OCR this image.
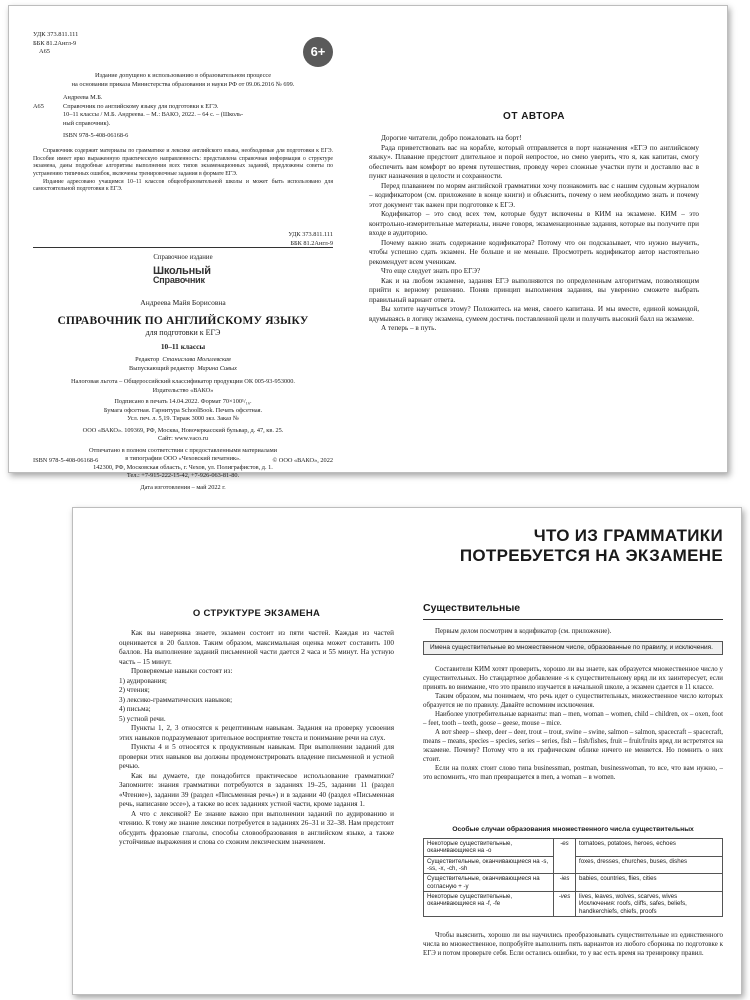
УДК 373.811.111
ББК 81.2Англ-9
А65	6+
Издание допущено к использованию в образовательном процессе
на основании приказа Министерства образования и науки РФ от 09.06.2016 № 699.
Андреева М.Б.
А65	Справочник по английскому языку для подготовки к ЕГЭ.
10–11 классы / М.Б. Андреева. – М.: ВАКО, 2022. – 64 с. – (Школь-
ный справочник).
ISBN 978-5-408-06168-6
Справочник содержит материалы по грамматике и лексике английского языка, необходимые для подготовки к ЕГЭ. Пособие имеет ярко выраженную практическую направленность: представлена справочная информация о структуре экзамена, даны подробные алгоритмы выполнения всех типов экзаменационных заданий, предложены советы по устранению типичных ошибок, включены тренировочные задания в формате ЕГЭ.
Издание адресовано учащимся 10–11 классов общеобразовательной школы и может быть использовано для самостоятельной подготовки к ЕГЭ.
УДК 373.811.111
ББК 81.2Англ-9
Справочное издание
Школьный
Справочник
Андреева Майя Борисовна
СПРАВОЧНИК ПО АНГЛИЙСКОМУ ЯЗЫКУ
для подготовки к ЕГЭ
10–11 классы
Редактор Станислава Могилевская
Выпускающий редактор Марина Сивых
Налоговая льгота – Общероссийский классификатор продукции ОК 005-93-953000.
Издательство «ВАКО»
Подписано в печать 14.04.2022. Формат 70×100¹/₁₆.
Бумага офсетная. Гарнитура SchoolBook. Печать офсетная.
Усл. печ. л. 5,19. Тираж 3000 экз. Заказ №
ООО «ВАКО». 109369, РФ, Москва, Новочеркасский бульвар, д. 47, кв. 25.
Сайт: www.vaco.ru
Отпечатано в полном соответствии с предоставленными материалами
в типографии ООО «Чеховский печатник».
142300, РФ, Московская область, г. Чехов, ул. Полиграфистов, д. 1.
Тел.: +7-915-222-15-42, +7-926-063-81-80.
Дата изготовления – май 2022 г.
ISBN 978-5-408-06168-6	© ООО «ВАКО», 2022
ОТ АВТОРА

Дорогие читатели, добро пожаловать на борт!

Рада приветствовать вас на корабле, который отправляется в порт назначения «ЕГЭ по английскому языку». Плавание предстоит длительное и порой непростое, но смею уверить, что я, как капитан, смогу обеспечить вам комфорт во время путешествия, проведу через сложные участки пути и доставлю вас в пункт назначения в целости и сохранности.

Перед плаванием по морям английской грамматики хочу познакомить вас с нашим судовым журналом – кодификатором (см. приложение в конце книги) и объяснить, почему о нем необходимо знать и почему этот документ так важен при подготовке к ЕГЭ.

Кодификатор – это свод всех тем, которые будут включены в КИМ на экзамене. КИМ – это контрольно-измерительные материалы, иначе говоря, экзаменационные задания, которые вы получите при входе в аудиторию.

Почему важно знать содержание кодификатора? Потому что он подсказывает, что нужно выучить, чтобы успешно сдать экзамен. Не больше и не меньше. Просмотреть кодификатор автор настоятельно рекомендует всем ученикам.

Что еще следует знать про ЕГЭ?

Как и на любом экзамене, задания ЕГЭ выполняются по определенным алгоритмам, позволяющим прийти к верному решению. Поняв принцип выполнения задания, вы уверенно сможете выбрать правильный вариант ответа.

Вы хотите научиться этому? Положитесь на меня, своего капитана. И мы вместе, единой командой, вдумываясь в логику экзамена, сумеем достичь поставленной цели и получить высокий балл на экзамене.

А теперь – в путь.

О СТРУКТУРЕ ЭКЗАМЕНА

Как вы наверняка знаете, экзамен состоит из пяти частей. Каждая из частей оценивается в 20 баллов. Таким образом, максимальная оценка может составить 100 баллов. На выполнение заданий письменной части дается 2 часа и 55 минут. На устную часть – 15 минут.

Проверяемые навыки состоят из:

1) аудирования;

2) чтения;

3) лексико-грамматических навыков;

4) письма;

5) устной речи.

Пункты 1, 2, 3 относятся к рецептивным навыкам. Задания на проверку усвоения этих навыков подразумевают зрительное восприятие текста и понимание речи на слух.

Пункты 4 и 5 относятся к продуктивным навыкам. При выполнении заданий для проверки этих навыков вы должны продемонстрировать владение письменной и устной речью.

Как вы думаете, где понадобится практическое использование грамматики? Запомните: знания грамматики потребуются в заданиях 19–25, задании 11 (раздел «Чтение»), задании 39 (раздел «Письменная речь») и в задании 40 (раздел «Письменная речь, написание эссе»), а также во всех заданиях устной части, кроме задания 1.

А что с лексикой? Ее знание важно при выполнении заданий по аудированию и чтению. К тому же знание лексики потребуется в заданиях 26–31 и 32–38. Нам предстоит обсудить фразовые глаголы, способы словообразования в английском языке, а также устойчивые выражения и слова со схожим лексическим значением.

ЧТО ИЗ ГРАММАТИКИ
ПОТРЕБУЕТСЯ НА ЭКЗАМЕНЕ
Существительные
Первым делом посмотрим в кодификатор (см. приложение).
Имена существительные во множественном числе, образованные по правилу, и исключения.

Составители КИМ хотят проверить, хорошо ли вы знаете, как образуется множественное число у существительных. Но стандартное добавление -s к существительному вряд ли их заинтересует, если принять во внимание, что это правило изучается в начальной школе, а экзамен сдается в 11 классе.

Таким образом, мы понимаем, что речь идет о существительных, множественное число которых образуется не по правилу. Давайте вспомним исключения.

Наиболее употребительные варианты: man – men, woman – women, child – children, ox – oxen, foot – feet, tooth – teeth, goose – geese, mouse – mice.

А вот sheep – sheep, deer – deer, trout – trout, swine – swine, salmon – salmon, spacecraft – spacecraft, means – means, species – species, series – series, fish – fish/fishes, fruit – fruit/fruits вряд ли встретятся на экзамене. Почему? Потому что в их графическом облике ничего не меняется. Но помнить о них стоит.

Если на полях стоит слово типа businessman, postman, businesswoman, то все, что вам нужно, – это вспомнить, что man превращается в men, а woman – в women.

Особые случаи образования множественного числа существительных
Некоторые существительные, оканчивающиеся на -o	-es	tomatoes, potatoes, heroes, echoes
Существительные, оканчивающиеся на -s, -ss, -x, -ch, -sh		foxes, dresses, churches, buses, dishes
Существительные, оканчивающиеся на согласную + -y	-ies	babies, countries, flies, cities
Некоторые существительные, оканчивающиеся на -f, -fe	-ves	lives, leaves, wolves, scarves, wives
Исключения: roofs, cliffs, safes, beliefs, handkerchiefs, chiefs, proofs
Чтобы выяснить, хорошо ли вы научились преобразовывать существительные из единственного числа во множественное, попробуйте выполнить пять вариантов из любого сборника по подготовке к ЕГЭ и потом проверьте себя. Если остались ошибки, то у вас есть время на тренировку правил.
